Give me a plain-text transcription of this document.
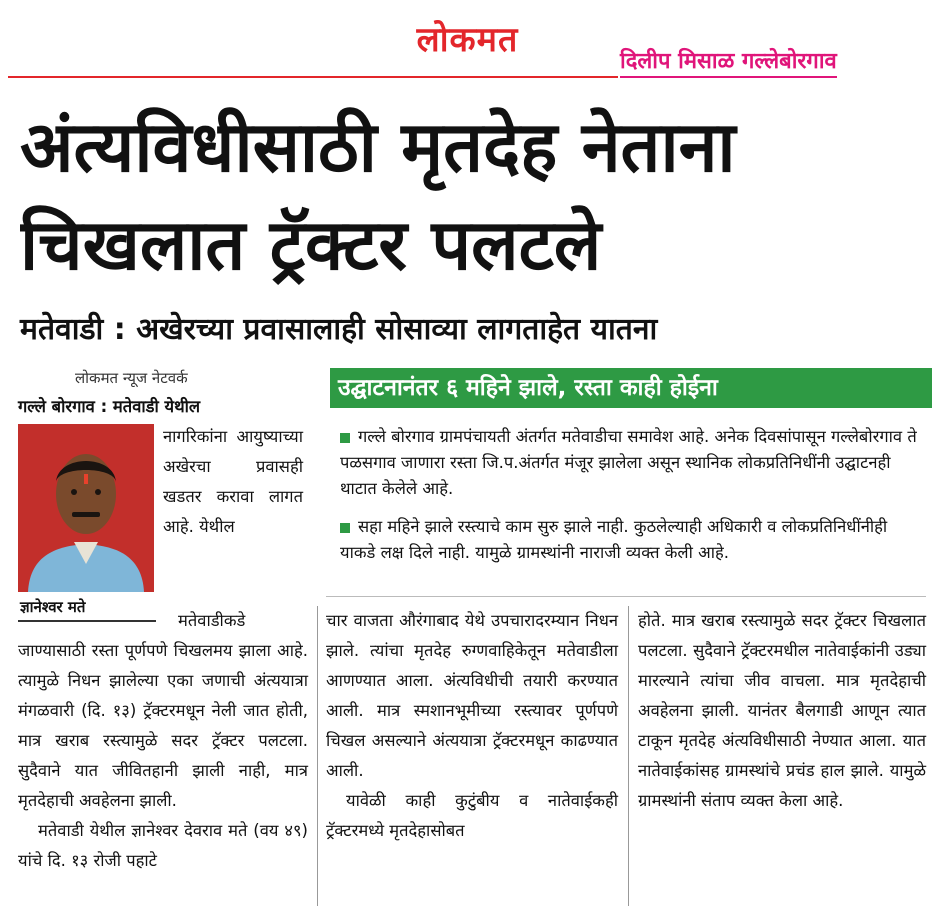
लोकमत
दिलीप मिसाळ गल्लेबोरगाव
अंत्यविधीसाठी मृतदेह नेताना
चिखलात ट्रॅक्टर पलटले
मतेवाडी : अखेरच्या प्रवासालाही सोसाव्या लागताहेत यातना
लोकमत न्यूज नेटवर्क
गल्ले बोरगाव : मतेवाडी येथील
ज्ञानेश्वर मते
नागरिकांना आयुष्याच्या अखेरचा प्रवासही खडतर करावा लागत आहे. येथील

मतेवाडीकडे जाण्यासाठी रस्ता पूर्णपणे चिखलमय झाला आहे. त्यामुळे निधन झालेल्या एका जणाची अंत्ययात्रा मंगळवारी (दि. १३) ट्रॅक्टरमधून नेली जात होती, मात्र खराब रस्त्यामुळे सदर ट्रॅक्टर पलटला. सुदैवाने यात जीवितहानी झाली नाही, मात्र मृतदेहाची अवहेलना झाली.

मतेवाडी येथील ज्ञानेश्वर देवराव मते (वय ४९) यांचे दि. १३ रोजी पहाटे

उद्घाटनानंतर ६ महिने झाले, रस्ता काही होईना
गल्ले बोरगाव ग्रामपंचायती अंतर्गत मतेवाडीचा समावेश आहे. अनेक दिवसांपासून गल्लेबोरगाव ते पळसगाव जाणारा रस्ता जि.प.अंतर्गत मंजूर झालेला असून स्थानिक लोकप्रतिनिधींनी उद्घाटनही थाटात केलेले आहे.
सहा महिने झाले रस्त्याचे काम सुरु झाले नाही. कुठलेल्याही अधिकारी व लोकप्रतिनिधींनीही याकडे लक्ष दिले नाही. यामुळे ग्रामस्थांनी नाराजी व्यक्त केली आहे.

चार वाजता औरंगाबाद येथे उपचारादरम्यान निधन झाले. त्यांचा मृतदेह रुग्णवाहिकेतून मतेवाडीला आणण्यात आला. अंत्यविधीची तयारी करण्यात आली. मात्र स्मशानभूमीच्या रस्त्यावर पूर्णपणे चिखल असल्याने अंत्ययात्रा ट्रॅक्टरमधून काढण्यात आली.

यावेळी काही कुटुंबीय व नातेवाईकही ट्रॅक्टरमध्ये मृतदेहासोबत

होते. मात्र खराब रस्त्यामुळे सदर ट्रॅक्टर चिखलात पलटला. सुदैवाने ट्रॅक्टरमधील नातेवाईकांनी उड्या मारल्याने त्यांचा जीव वाचला. मात्र मृतदेहाची अवहेलना झाली. यानंतर बैलगाडी आणून त्यात टाकून मृतदेह अंत्यविधीसाठी नेण्यात आला. यात नातेवाईकांसह ग्रामस्थांचे प्रचंड हाल झाले. यामुळे ग्रामस्थांनी संताप व्यक्त केला आहे.
